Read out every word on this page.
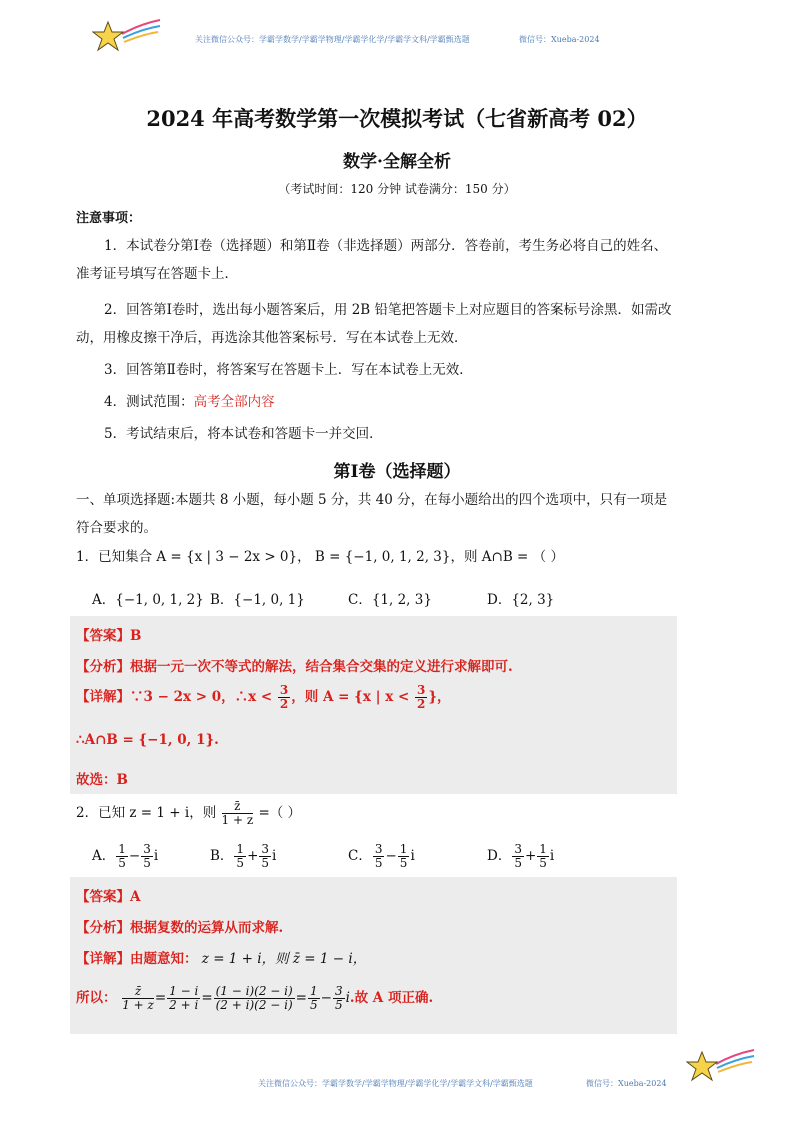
关注微信公众号：学霸学数学/学霸学物理/学霸学化学/学霸学文科/学霸甄选题	微信号：Xueba-2024
2024 年高考数学第一次模拟考试（七省新高考 02）
数学·全解全析
（考试时间：120 分钟 试卷满分：150 分）
注意事项：
1．本试卷分第Ⅰ卷（选择题）和第Ⅱ卷（非选择题）两部分．答卷前，考生务必将自己的姓名、准考证号填写在答题卡上．
2．回答第Ⅰ卷时，选出每小题答案后，用 2B 铅笔把答题卡上对应题目的答案标号涂黑．如需改动，用橡皮擦干净后，再选涂其他答案标号．写在本试卷上无效．
3．回答第Ⅱ卷时，将答案写在答题卡上．写在本试卷上无效．
4．测试范围：高考全部内容
5．考试结束后，将本试卷和答题卡一并交回．
第Ⅰ卷（选择题）
一、单项选择题:本题共 8 小题，每小题 5 分，共 40 分，在每小题给出的四个选项中，只有一项是符合要求的。
1．已知集合 A = {x | 3 − 2x > 0}， B = {−1, 0, 1, 2, 3}，则 A∩B = （ ）
A．{−1, 0, 1, 2} B．{−1, 0, 1}	C．{1, 2, 3}	D．{2, 3}
【答案】B
【分析】根据一元一次不等式的解法，结合集合交集的定义进行求解即可.
【详解】∵3 − 2x > 0，∴x < $\frac{3}{2}$ ，则 A = {x | $x < \frac{3}{2}$ }，
∴A∩B = {−1, 0, 1}.
故选：B
2．已知 z = 1 + i，则 $\frac{z̄}{1 + z}$ =（ ）
A． $\frac{1}{5} - \frac{3}{5}$ i	B． $\frac{1}{5} + \frac{3}{5}$ i	C． $\frac{3}{5} - \frac{1}{5}$ i	D． $\frac{3}{5} + \frac{1}{5}$ i
【答案】A
【分析】根据复数的运算从而求解.
【详解】由题意知： z = 1 + i，则 z̄ = 1 − i，
所以： $\frac{z̄}{1 + z} = \frac{1 - i}{2 + i} = \frac{(1 - i)(2 - i)}{(2 + i)(2 - i)} = \frac{1}{5} - \frac{3}{5} i$.故 A 项正确.
关注微信公众号：学霸学数学/学霸学物理/学霸学化学/学霸学文科/学霸甄选题	微信号：Xueba-2024
